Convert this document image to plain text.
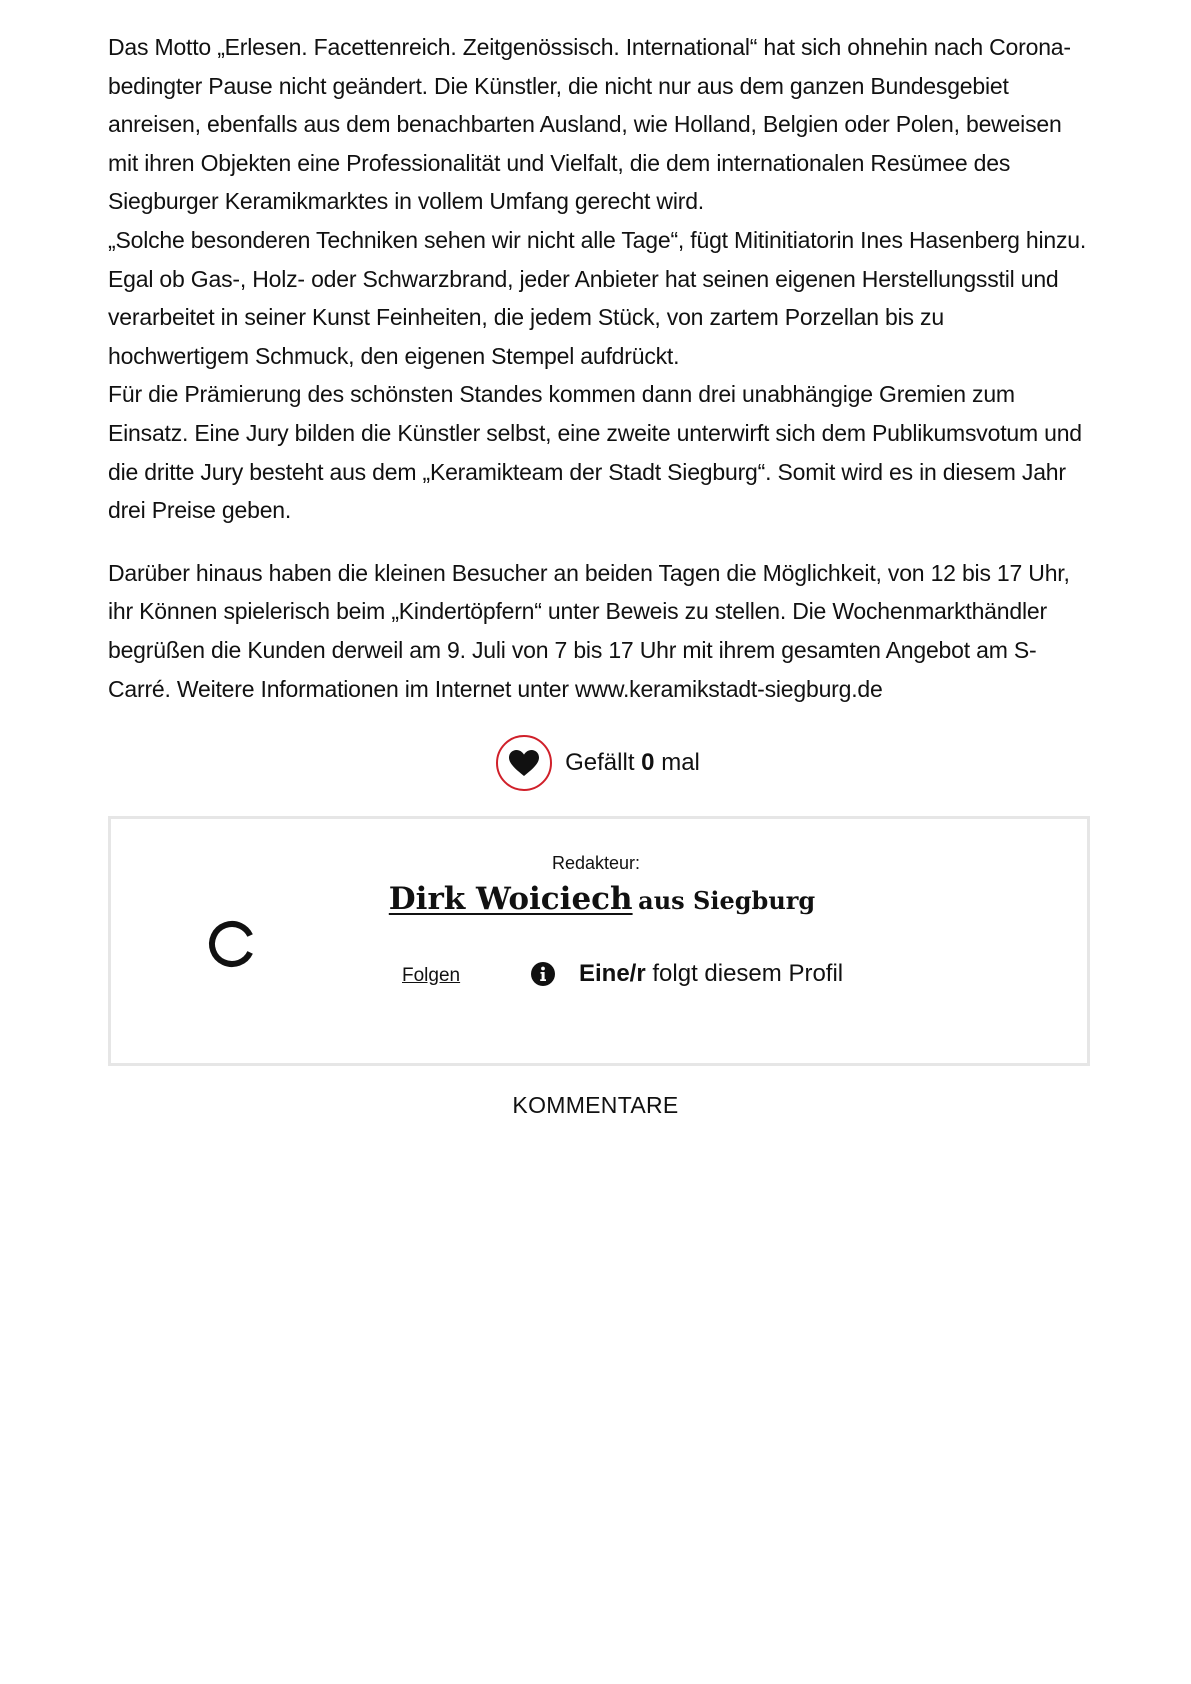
Das Motto „Erlesen. Facettenreich. Zeitgenössisch. International“ hat sich ohnehin nach Corona-bedingter Pause nicht geändert. Die Künstler, die nicht nur aus dem ganzen Bundesgebiet anreisen, ebenfalls aus dem benachbarten Ausland, wie Holland, Belgien oder Polen, beweisen mit ihren Objekten eine Professionalität und Vielfalt, die dem internationalen Resümee des Siegburger Keramikmarktes in vollem Umfang gerecht wird.

„Solche besonderen Techniken sehen wir nicht alle Tage“, fügt Mitinitiatorin Ines Hasenberg hinzu. Egal ob Gas-, Holz- oder Schwarzbrand, jeder Anbieter hat seinen eigenen Herstellungsstil und verarbeitet in seiner Kunst Feinheiten, die jedem Stück, von zartem Porzellan bis zu hochwertigem Schmuck, den eigenen Stempel aufdrückt.

Für die Prämierung des schönsten Standes kommen dann drei unabhängige Gremien zum Einsatz. Eine Jury bilden die Künstler selbst, eine zweite unterwirft sich dem Publikumsvotum und die dritte Jury besteht aus dem „Keramikteam der Stadt Siegburg“. Somit wird es in diesem Jahr drei Preise geben.

Darüber hinaus haben die kleinen Besucher an beiden Tagen die Möglichkeit, von 12 bis 17 Uhr, ihr Können spielerisch beim „Kindertöpfern“ unter Beweis zu stellen. Die Wochenmarkthändler begrüßen die Kunden derweil am 9. Juli von 7 bis 17 Uhr mit ihrem gesamten Angebot am S-Carré. Weitere Informationen im Internet unter www.keramikstadt-siegburg.de

Gefällt 0 mal
Redakteur:
Dirk Woiciech aus Siegburg
Folgen	Eine/r folgt diesem Profil
KOMMENTARE
